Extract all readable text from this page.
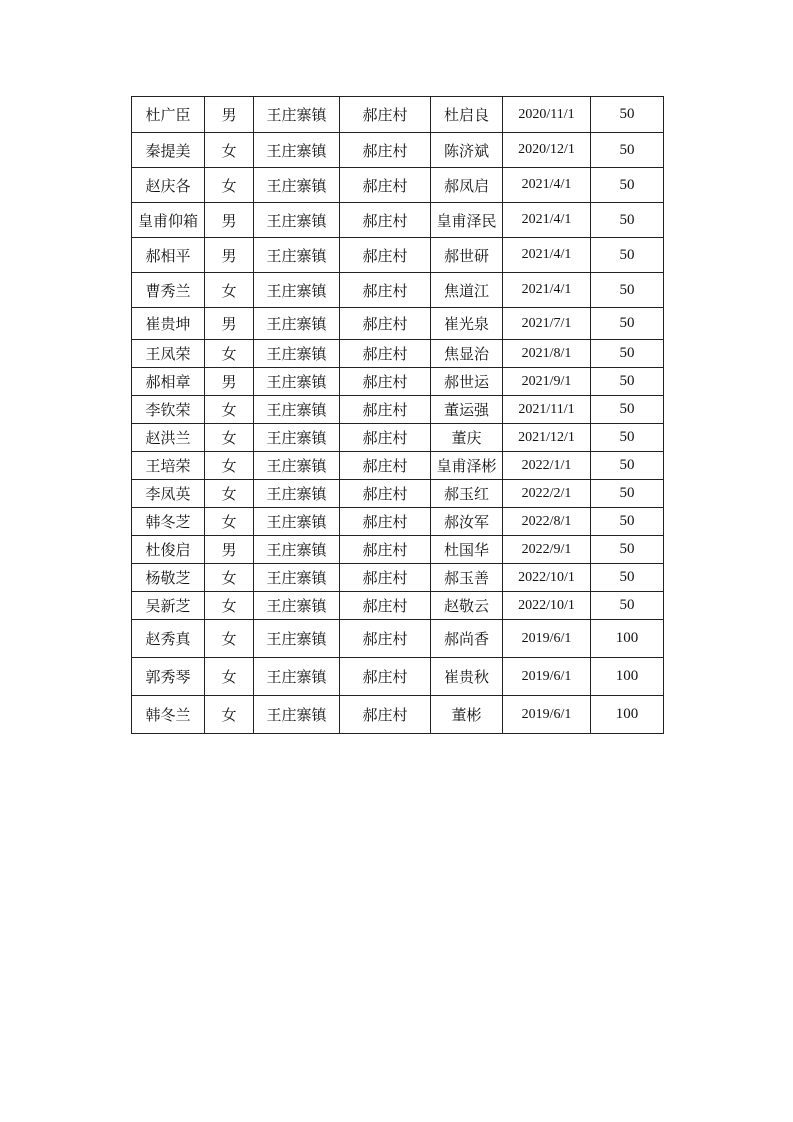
杜广臣	男	王庄寨镇	郝庄村	杜启良	2020/11/1	50
秦提美	女	王庄寨镇	郝庄村	陈济斌	2020/12/1	50
赵庆各	女	王庄寨镇	郝庄村	郝凤启	2021/4/1	50
皇甫仰箱	男	王庄寨镇	郝庄村	皇甫泽民	2021/4/1	50
郝相平	男	王庄寨镇	郝庄村	郝世研	2021/4/1	50
曹秀兰	女	王庄寨镇	郝庄村	焦道江	2021/4/1	50
崔贵坤	男	王庄寨镇	郝庄村	崔光泉	2021/7/1	50
王凤荣	女	王庄寨镇	郝庄村	焦显治	2021/8/1	50
郝相章	男	王庄寨镇	郝庄村	郝世运	2021/9/1	50
李钦荣	女	王庄寨镇	郝庄村	董运强	2021/11/1	50
赵洪兰	女	王庄寨镇	郝庄村	董庆	2021/12/1	50
王培荣	女	王庄寨镇	郝庄村	皇甫泽彬	2022/1/1	50
李凤英	女	王庄寨镇	郝庄村	郝玉红	2022/2/1	50
韩冬芝	女	王庄寨镇	郝庄村	郝汝军	2022/8/1	50
杜俊启	男	王庄寨镇	郝庄村	杜国华	2022/9/1	50
杨敬芝	女	王庄寨镇	郝庄村	郝玉善	2022/10/1	50
吴新芝	女	王庄寨镇	郝庄村	赵敬云	2022/10/1	50
赵秀真	女	王庄寨镇	郝庄村	郝尚香	2019/6/1	100
郭秀琴	女	王庄寨镇	郝庄村	崔贵秋	2019/6/1	100
韩冬兰	女	王庄寨镇	郝庄村	董彬	2019/6/1	100
